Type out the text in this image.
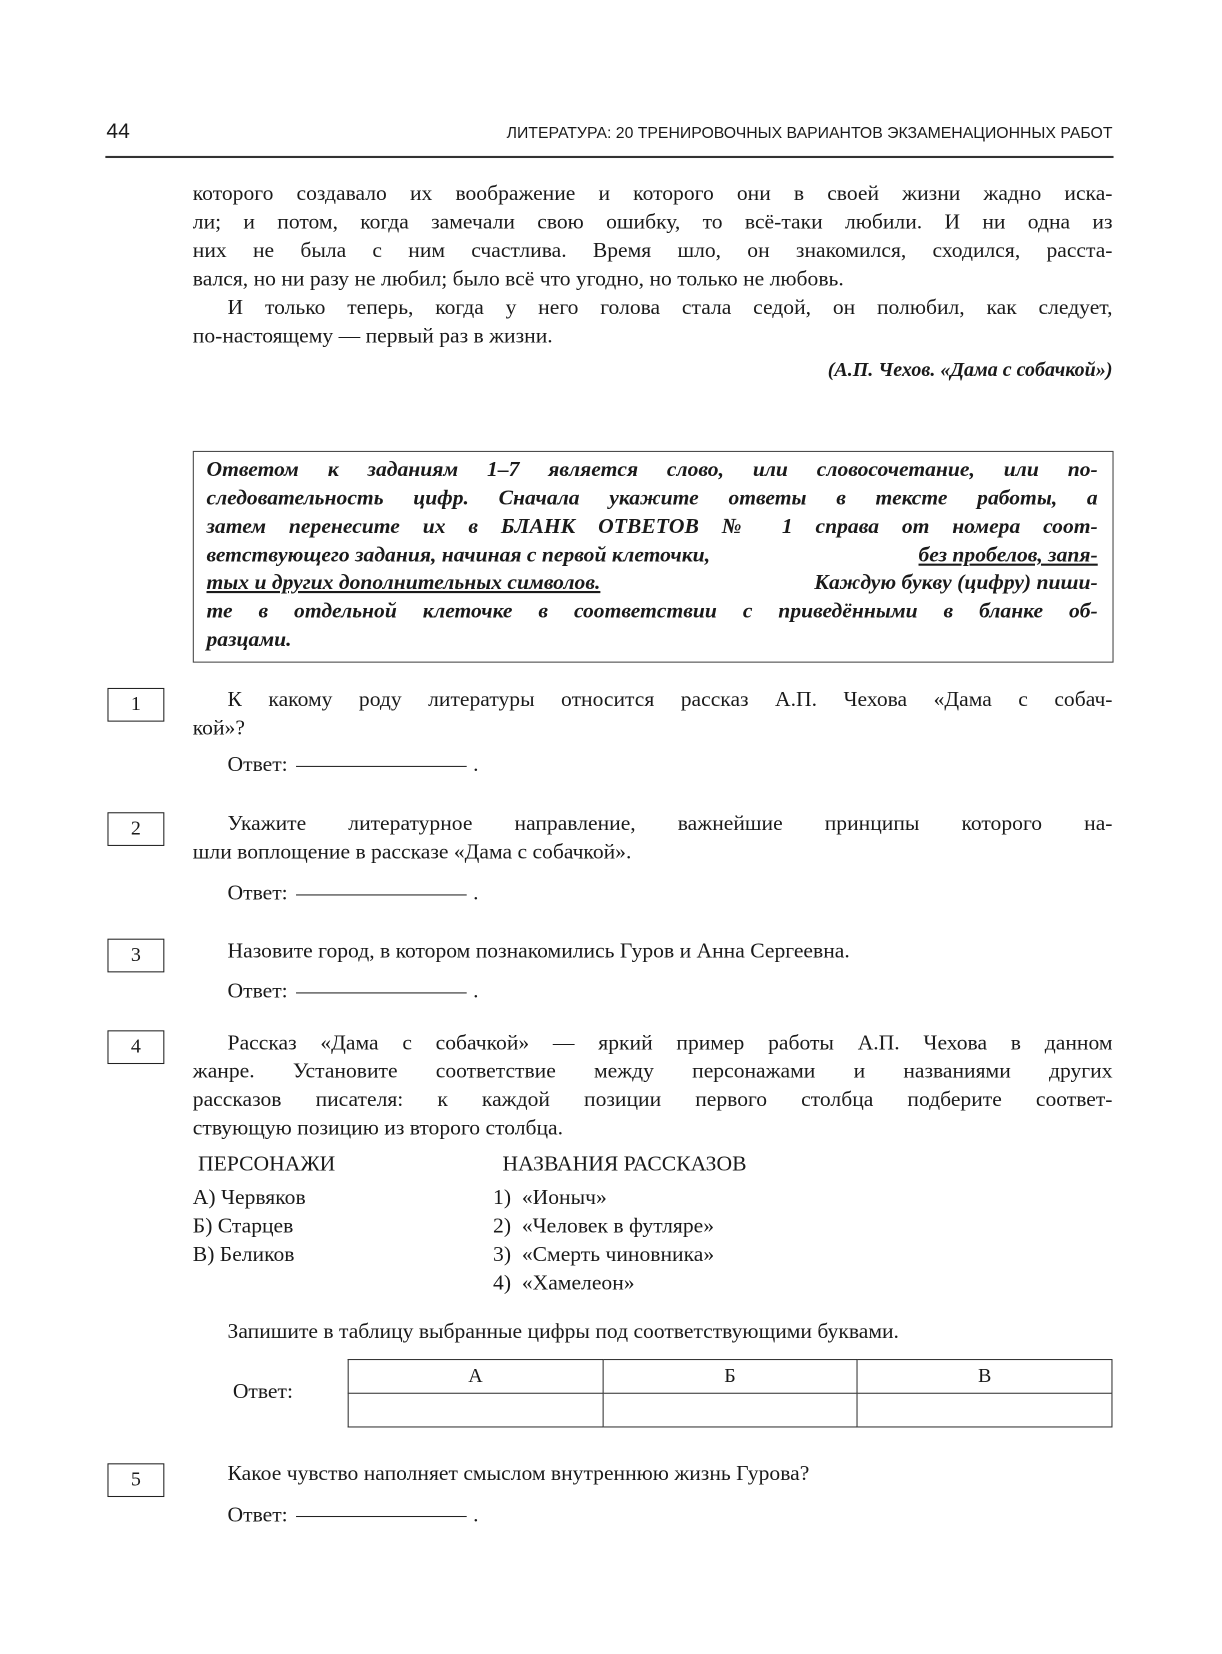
44	ЛИТЕРАТУРА: 20 ТРЕНИРОВОЧНЫХ ВАРИАНТОВ ЭКЗАМЕНАЦИОННЫХ РАБОТ
которого создавало их воображение и которого они в своей жизни жадно иска-
ли; и потом, когда замечали свою ошибку, то всё-таки любили. И ни одна из
них не была с ним счастлива. Время шло, он знакомился, сходился, расста-
вался, но ни разу не любил; было всё что угодно, но только не любовь.
И только теперь, когда у него голова стала седой, он полюбил, как следует,
по-настоящему — первый раз в жизни.
(А.П. Чехов. «Дама с собачкой»)
Ответом к заданиям 1–7 является слово, или словосочетание, или по-
следовательность цифр. Сначала укажите ответы в тексте работы, а
затем перенесите их в БЛАНК ОТВЕТОВ № 1 справа от номера соот-
ветствующего задания, начиная с первой клеточки,	без пробелов, запя-
тых и других дополнительных символов.	Каждую букву (цифру) пиши-
те в отдельной клеточке в соответствии с приведёнными в бланке об-
разцами.
1	К какому роду литературы относится рассказ А.П. Чехова «Дама с собач-
кой»?
Ответ:	.
2	Укажите литературное направление, важнейшие принципы которого на-
шли воплощение в рассказе «Дама с собачкой».
Ответ:	.
3	Назовите город, в котором познакомились Гуров и Анна Сергеевна.
Ответ:	.
4	Рассказ «Дама с собачкой» — яркий пример работы А.П. Чехова в данном
жанре. Установите соответствие между персонажами и названиями других
рассказов писателя: к каждой позиции первого столбца подберите соответ-
ствующую позицию из второго столбца.
ПЕРСОНАЖИ	НАЗВАНИЯ РАССКАЗОВ
А) Червяков
Б) Старцев
В) Беликов
1)  «Ионыч»
2)  «Человек в футляре»
3)  «Смерть чиновника»
4)  «Хамелеон»
Запишите в таблицу выбранные цифры под соответствующими буквами.
Ответ:
А	Б	В

5	Какое чувство наполняет смыслом внутреннюю жизнь Гурова?
Ответ:	.
